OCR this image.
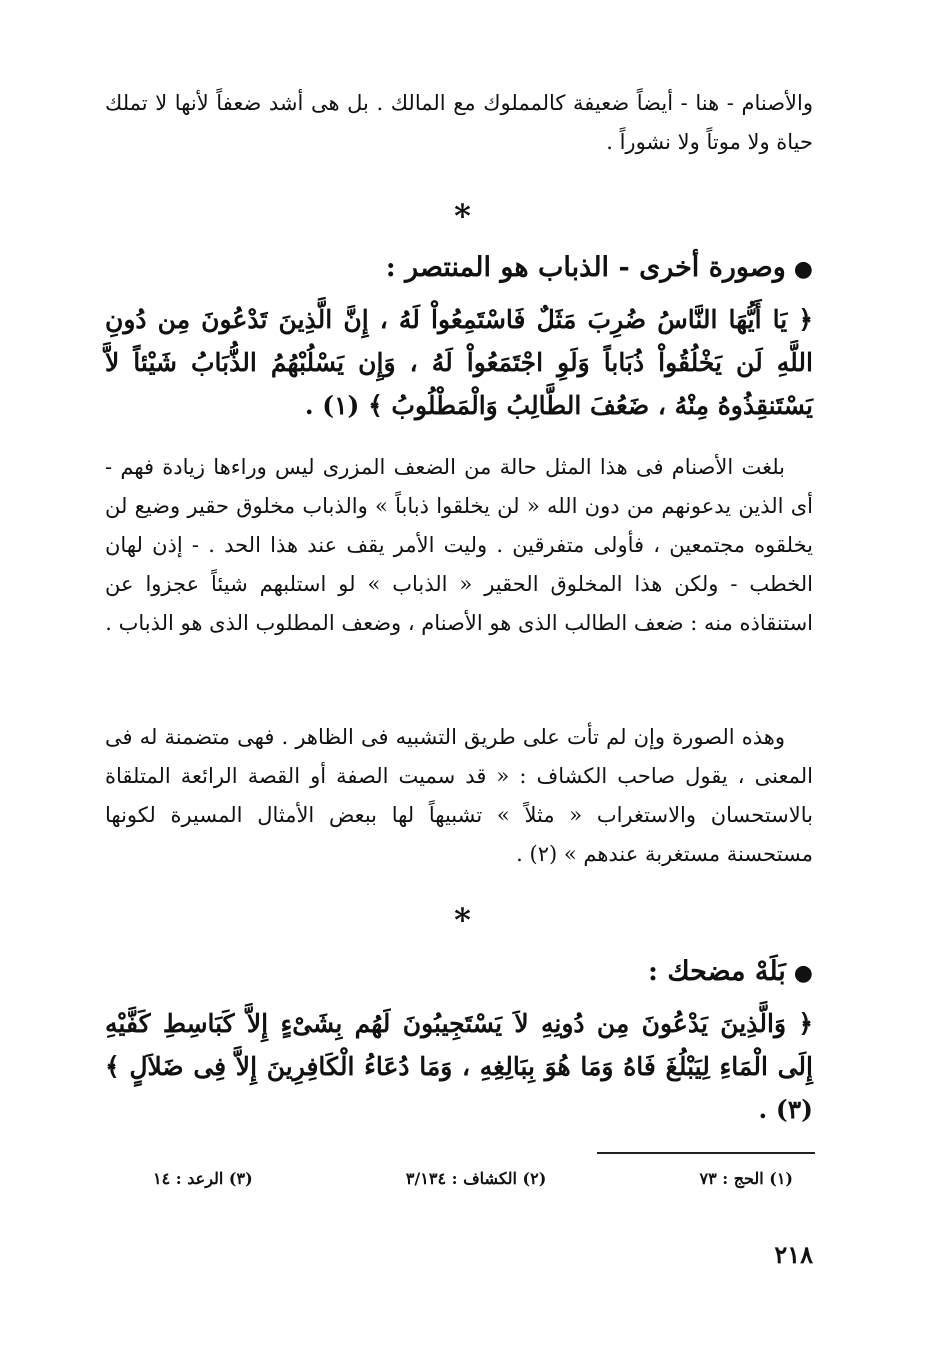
والأصنام - هنا - أيضاً ضعيفة كالمملوك مع المالك . بل هى أشد ضعفاً لأنها لا تملك حياة ولا موتاً ولا نشوراً .

*
●وصورة أخرى - الذباب هو المنتصر :

﴿ يَا أَيُّهَا النَّاسُ ضُرِبَ مَثَلٌ فَاسْتَمِعُواْ لَهُ ، إِنَّ الَّذِينَ تَدْعُونَ مِن دُونِ اللَّهِ لَن يَخْلُقُواْ ذُبَاباً وَلَوِ اجْتَمَعُواْ لَهُ ، وَإِن يَسْلُبْهُمُ الذُّبَابُ شَيْئاً لاَّ يَسْتَنقِذُوهُ مِنْهُ ، ضَعُفَ الطَّالِبُ وَالْمَطْلُوبُ ﴾ (١) .

بلغت الأصنام فى هذا المثل حالة من الضعف المزرى ليس وراءها زيادة فهم - أى الذين يدعونهم من دون الله « لن يخلقوا ذباباً » والذباب مخلوق حقير وضيع لن يخلقوه مجتمعين ، فأولى متفرقين . وليت الأمر يقف عند هذا الحد . - إذن لهان الخطب - ولكن هذا المخلوق الحقير « الذباب » لو استلبهم شيئاً عجزوا عن استنقاذه منه : ضعف الطالب الذى هو الأصنام ، وضعف المطلوب الذى هو الذباب .

وهذه الصورة وإن لم تأت على طريق التشبيه فى الظاهر . فهى متضمنة له فى المعنى ، يقول صاحب الكشاف : « قد سميت الصفة أو القصة الرائعة المتلقاة بالاستحسان والاستغراب « مثلاً » تشبيهاً لها ببعض الأمثال المسيرة لكونها مستحسنة مستغربة عندهم » (٢) .

*
●بَلَهْ مضحك :

﴿ وَالَّذِينَ يَدْعُونَ مِن دُونِهِ لاَ يَسْتَجِيبُونَ لَهُم بِشَىْءٍ إِلاَّ كَبَاسِطِ كَفَّيْهِ إِلَى الْمَاءِ لِيَبْلُغَ فَاهُ وَمَا هُوَ بِبَالِغِهِ ، وَمَا دُعَاءُ الْكَافِرِينَ إِلاَّ فِى ضَلاَلٍ ﴾ (٣) .

(١) الحج : ٧٣
(٢) الكشاف : ٣/١٣٤
(٣) الرعد : ١٤
٢١٨
